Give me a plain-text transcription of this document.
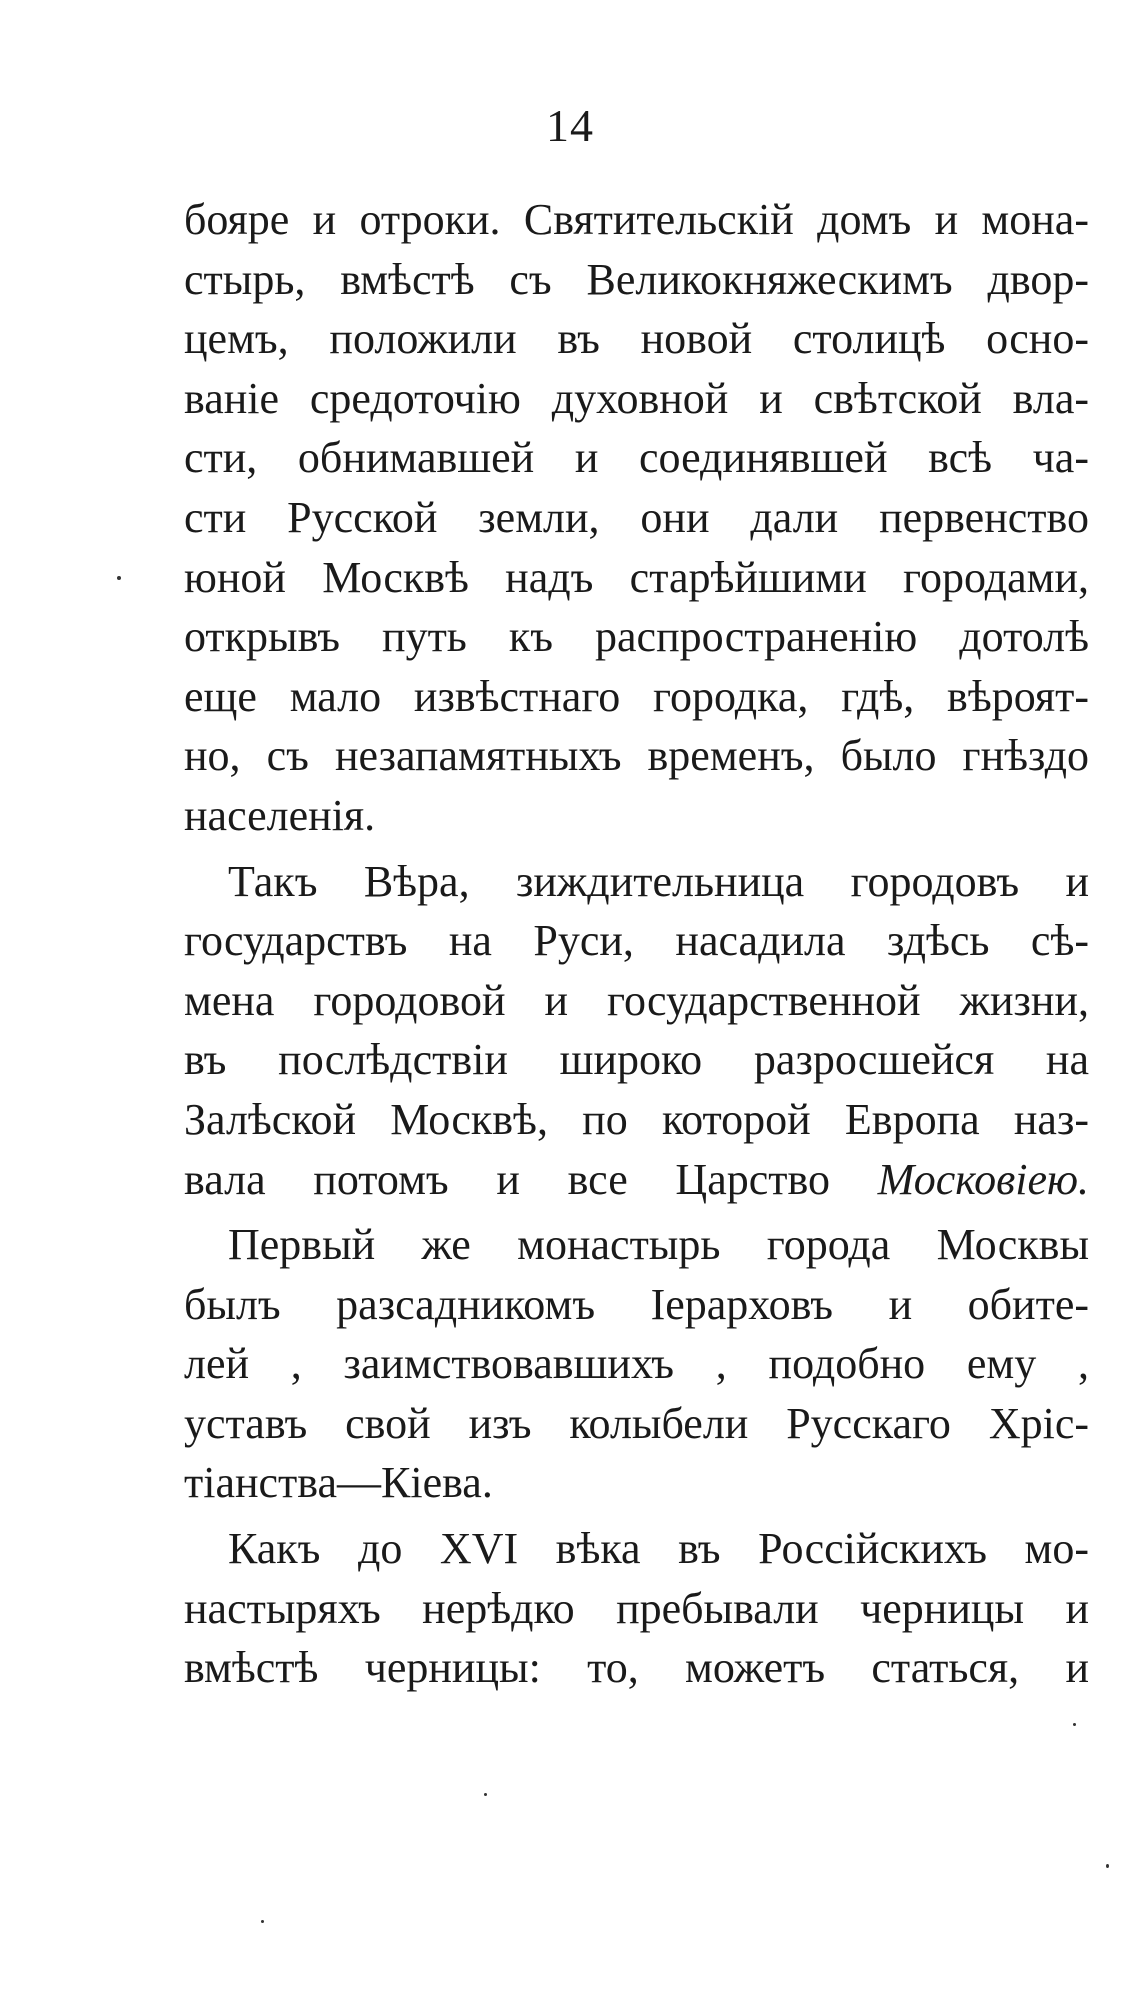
14
бояре и отроки. Святительскій домъ и мона-
стырь, вмѣстѣ съ Великокняжескимъ двор-
цемъ, положили въ новой столицѣ осно-
ваніе средоточію духовной и свѣтской вла-
сти, обнимавшей и соединявшей всѣ ча-
сти Русской земли, они дали первенство
юной Москвѣ надъ старѣйшими городами,
открывъ путь къ распространенію дотолѣ
еще мало извѣстнаго городка, гдѣ, вѣроят-
но, съ незапамятныхъ временъ, было гнѣздо
населенія.
Такъ Вѣра, зиждительница городовъ и
государствъ на Руси, насадила здѣсь сѣ-
мена городовой и государственной жизни,
въ послѣдствіи широко разросшейся на
Залѣской Москвѣ, по которой Европа наз-
вала потомъ и все Царство Московіею.
Первый же монастырь города Москвы
былъ разсадникомъ Іерарховъ и обите-
лей , заимствовавшихъ , подобно ему ,
уставъ свой изъ колыбели Русскаго Хріс-
тіанства—Кіева.
Какъ до XVI вѣка въ Россійскихъ мо-
настыряхъ нерѣдко пребывали черницы и
вмѣстѣ черницы: то, можетъ статься, и
